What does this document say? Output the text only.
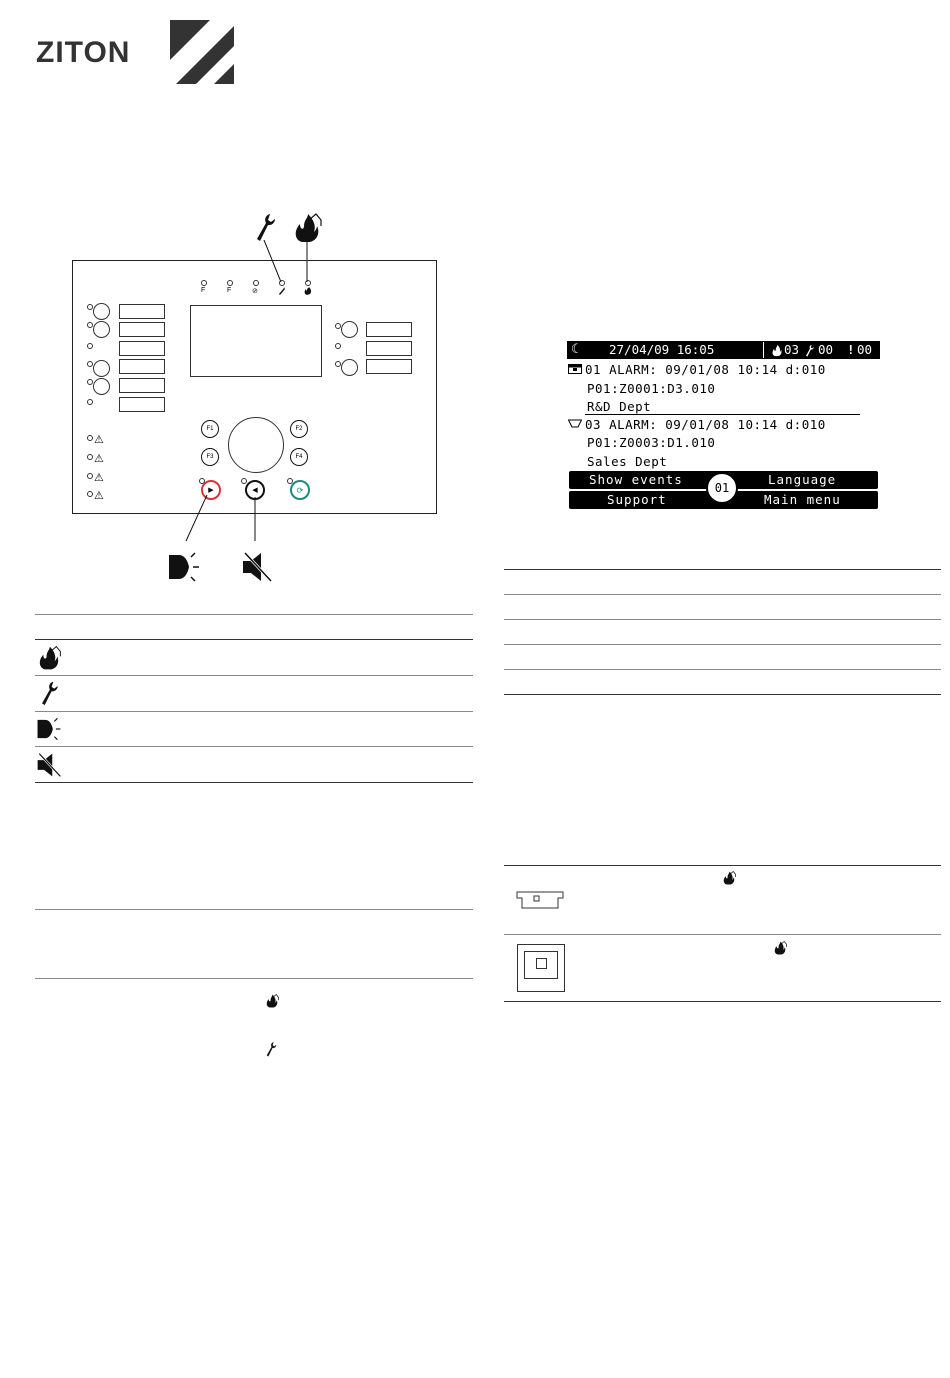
ZITON
F	F	⊘
F1	F2
F3	F4
⚠
⚠
⚠
⚠	▶	◀	⟳
☾ 27/04/09 16:05	03 00 ! 00
01 ALARM: 09/01/08 10:14 d:010
P01:Z0001:D3.010
R&D Dept
03 ALARM: 09/01/08 10:14 d:010
P01:Z0003:D1.010
Sales Dept
Show events	Language
Support	Main menu
01
